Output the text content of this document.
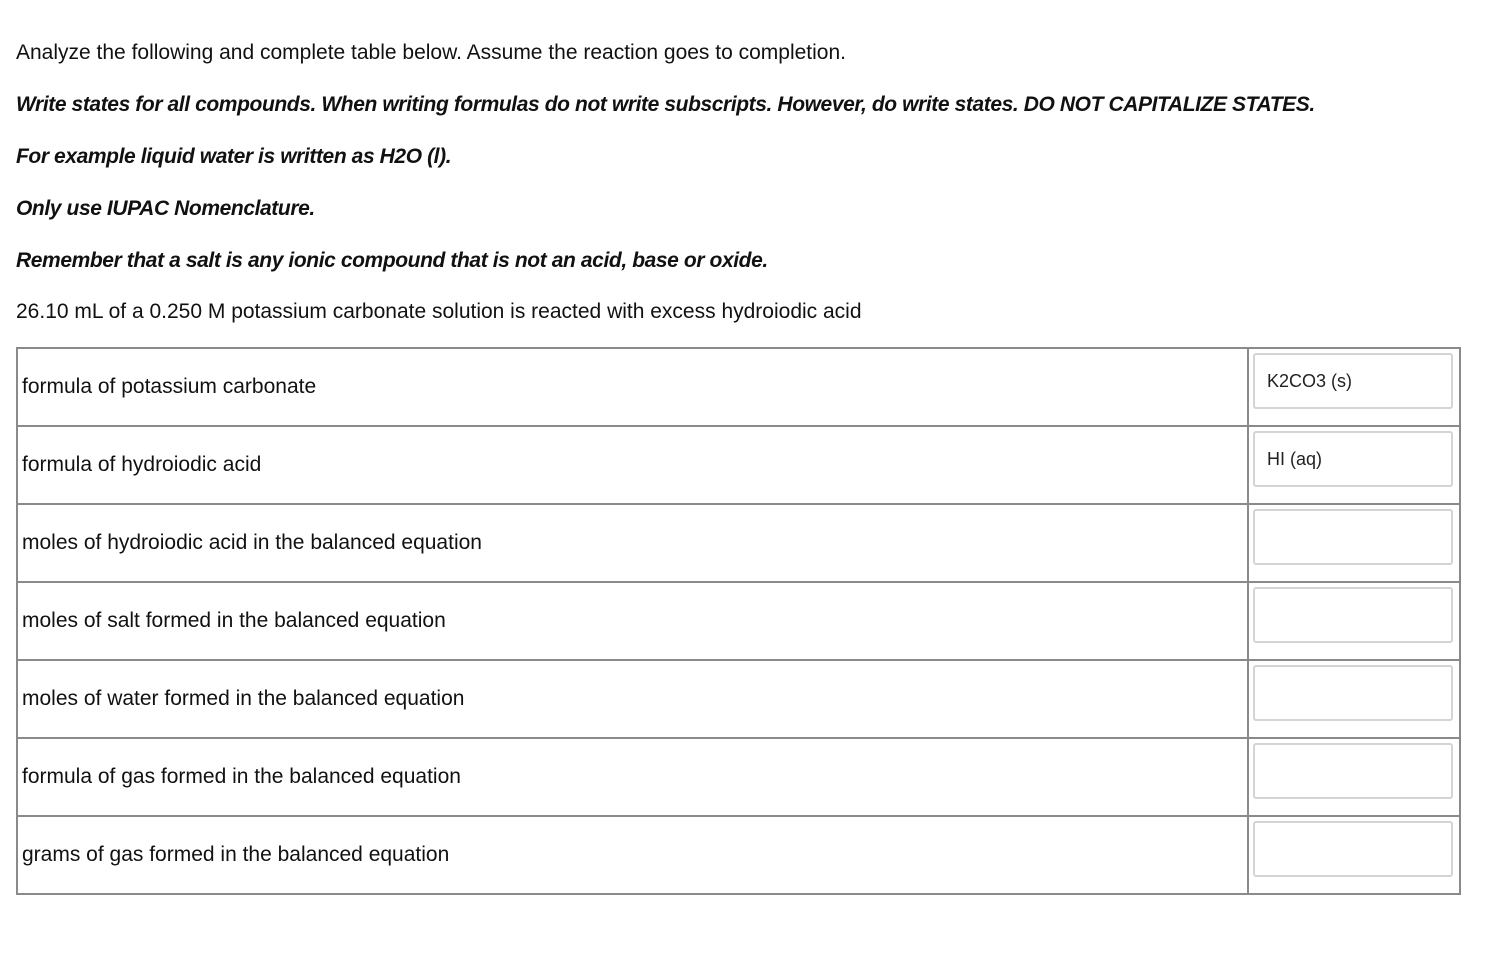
Analyze the following and complete table below. Assume the reaction goes to completion.
Write states for all compounds. When writing formulas do not write subscripts. However, do write states. DO NOT CAPITALIZE STATES.
For example liquid water is written as H2O (l).
Only use IUPAC Nomenclature.
Remember that a salt is any ionic compound that is not an acid, base or oxide.
26.10 mL of a 0.250 M potassium carbonate solution is reacted with excess hydroiodic acid
formula of potassium carbonate	K2CO3 (s)
formula of hydroiodic acid	HI (aq)
moles of hydroiodic acid in the balanced equation	
moles of salt formed in the balanced equation	
moles of water formed in the balanced equation	
formula of gas formed in the balanced equation	
grams of gas formed in the balanced equation	
